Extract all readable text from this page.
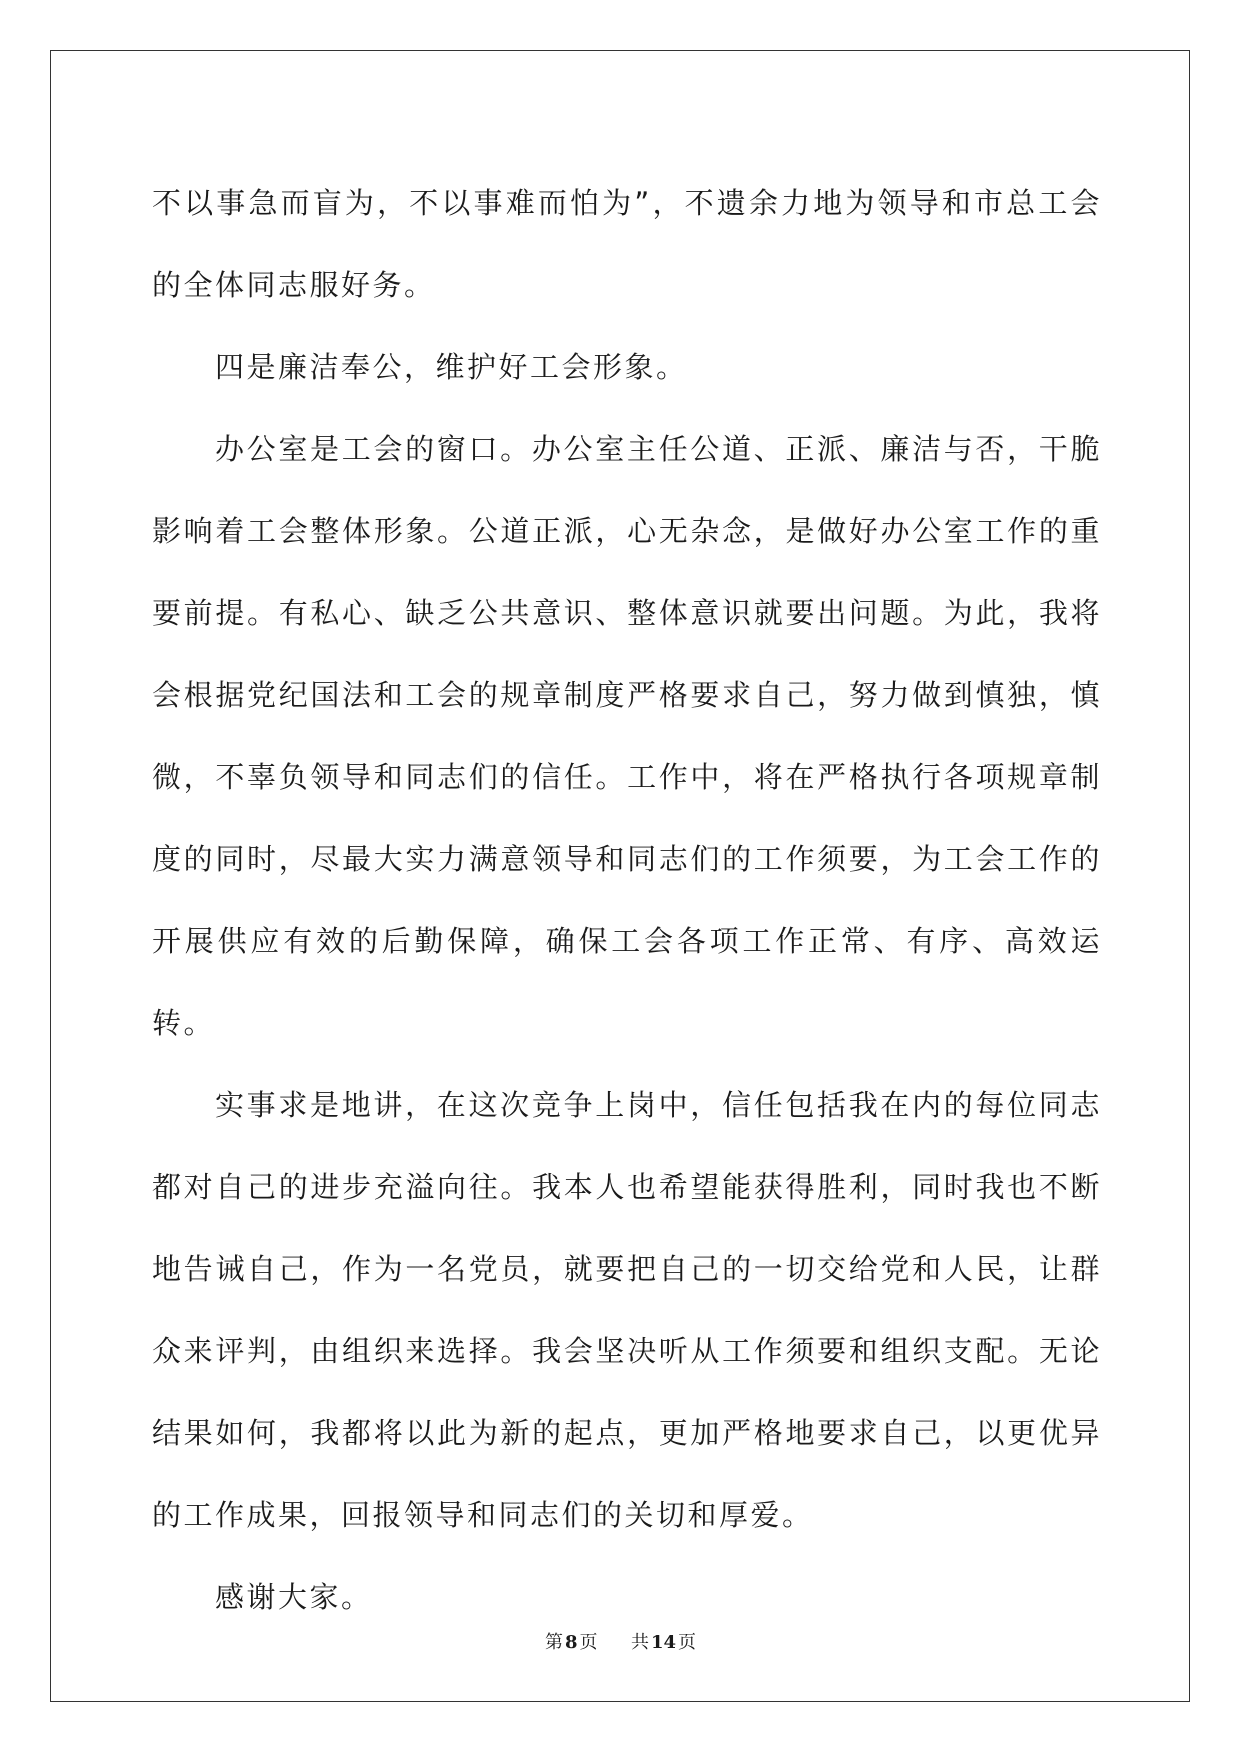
不以事急而盲为，不以事难而怕为”，不遗余力地为领导和市总工会的全体同志服好务。

四是廉洁奉公，维护好工会形象。

办公室是工会的窗口。办公室主任公道、正派、廉洁与否，干脆影响着工会整体形象。公道正派，心无杂念，是做好办公室工作的重要前提。有私心、缺乏公共意识、整体意识就要出问题。为此，我将会根据党纪国法和工会的规章制度严格要求自己，努力做到慎独，慎微，不辜负领导和同志们的信任。工作中，将在严格执行各项规章制度的同时，尽最大实力满意领导和同志们的工作须要，为工会工作的开展供应有效的后勤保障，确保工会各项工作正常、有序、高效运转。

实事求是地讲，在这次竞争上岗中，信任包括我在内的每位同志都对自己的进步充溢向往。我本人也希望能获得胜利，同时我也不断地告诫自己，作为一名党员，就要把自己的一切交给党和人民，让群众来评判，由组织来选择。我会坚决听从工作须要和组织支配。无论结果如何，我都将以此为新的起点，更加严格地要求自己，以更优异的工作成果，回报领导和同志们的关切和厚爱。

感谢大家。

第 8 页 共 14 页
